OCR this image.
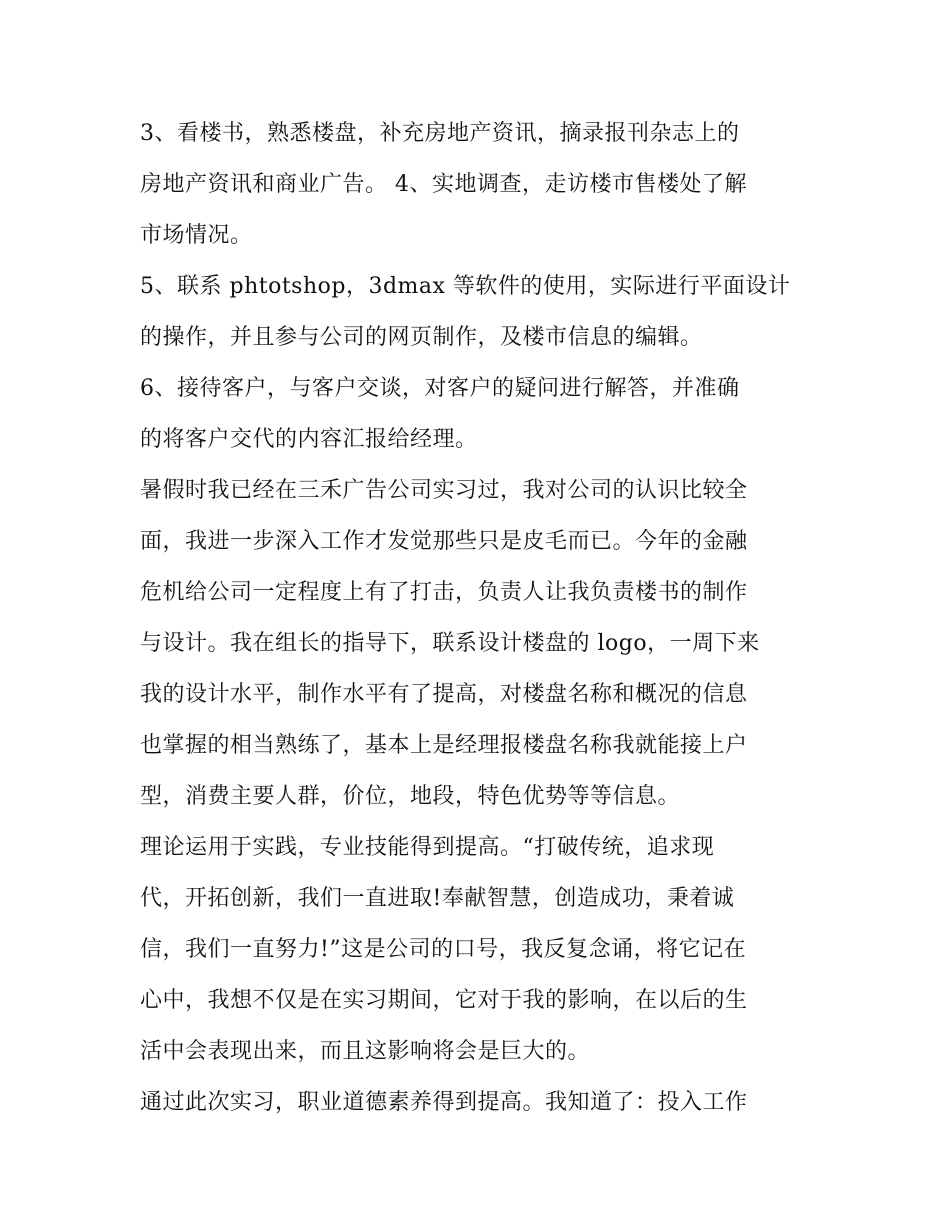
3、看楼书，熟悉楼盘，补充房地产资讯，摘录报刊杂志上的
房地产资讯和商业广告。 4、实地调查，走访楼市售楼处了解
市场情况。
5、联系 phtotshop，3dmax 等软件的使用，实际进行平面设计
的操作，并且参与公司的网页制作，及楼市信息的编辑。
6、接待客户，与客户交谈，对客户的疑问进行解答，并准确
的将客户交代的内容汇报给经理。
暑假时我已经在三禾广告公司实习过，我对公司的认识比较全
面，我进一步深入工作才发觉那些只是皮毛而已。今年的金融
危机给公司一定程度上有了打击，负责人让我负责楼书的制作
与设计。我在组长的指导下，联系设计楼盘的 logo，一周下来
我的设计水平，制作水平有了提高，对楼盘名称和概况的信息
也掌握的相当熟练了，基本上是经理报楼盘名称我就能接上户
型，消费主要人群，价位，地段，特色优势等等信息。
理论运用于实践，专业技能得到提高。“打破传统，追求现
代，开拓创新，我们一直进取!奉献智慧，创造成功，秉着诚
信，我们一直努力!”这是公司的口号，我反复念诵，将它记在
心中，我想不仅是在实习期间，它对于我的影响，在以后的生
活中会表现出来，而且这影响将会是巨大的。
通过此次实习，职业道德素养得到提高。我知道了：投入工作
